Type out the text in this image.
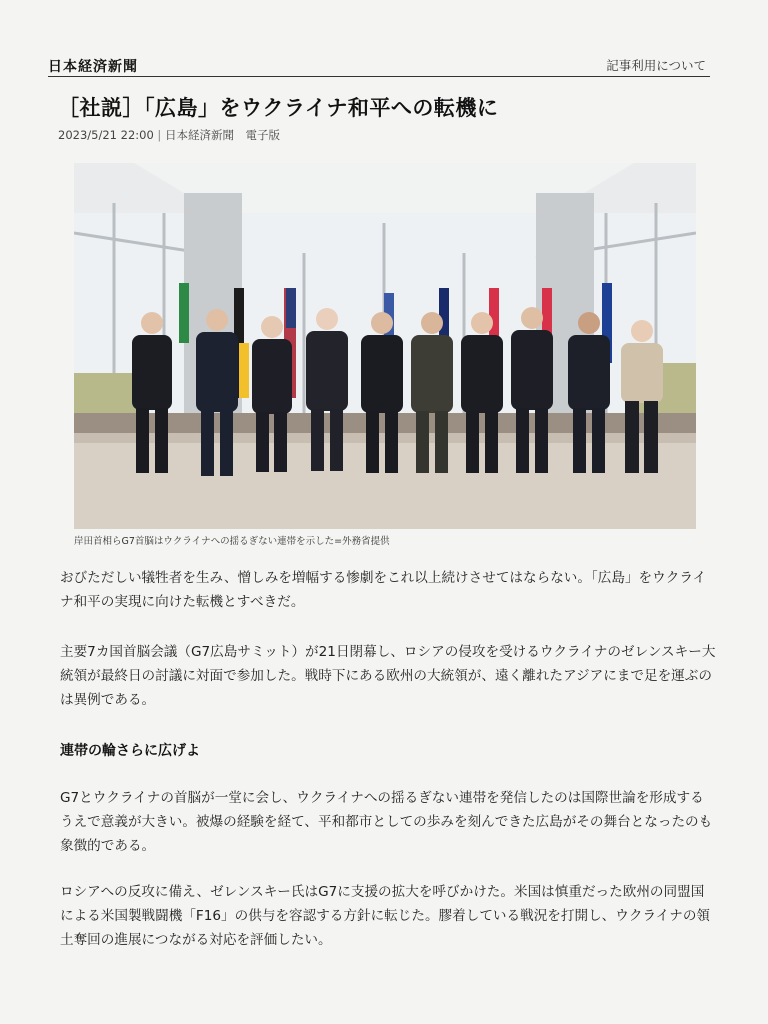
日本経済新聞	記事利用について
［社説］「広島」をウクライナ和平への転機に
2023/5/21 22:00 | 日本経済新聞　電子版
岸田首相らG7首脳はウクライナへの揺るぎない連帯を示した=外務省提供

おびただしい犠牲者を生み、憎しみを増幅する惨劇をこれ以上続けさせてはならない。「広島」をウクライナ和平の実現に向けた転機とすべきだ。

主要7カ国首脳会議（G7広島サミット）が21日閉幕し、ロシアの侵攻を受けるウクライナのゼレンスキー大統領が最終日の討議に対面で参加した。戦時下にある欧州の大統領が、遠く離れたアジアにまで足を運ぶのは異例である。

連帯の輪さらに広げよ

G7とウクライナの首脳が一堂に会し、ウクライナへの揺るぎない連帯を発信したのは国際世論を形成するうえで意義が大きい。被爆の経験を経て、平和都市としての歩みを刻んできた広島がその舞台となったのも象徴的である。

ロシアへの反攻に備え、ゼレンスキー氏はG7に支援の拡大を呼びかけた。米国は慎重だった欧州の同盟国による米国製戦闘機「F16」の供与を容認する方針に転じた。膠着している戦況を打開し、ウクライナの領土奪回の進展につながる対応を評価したい。
